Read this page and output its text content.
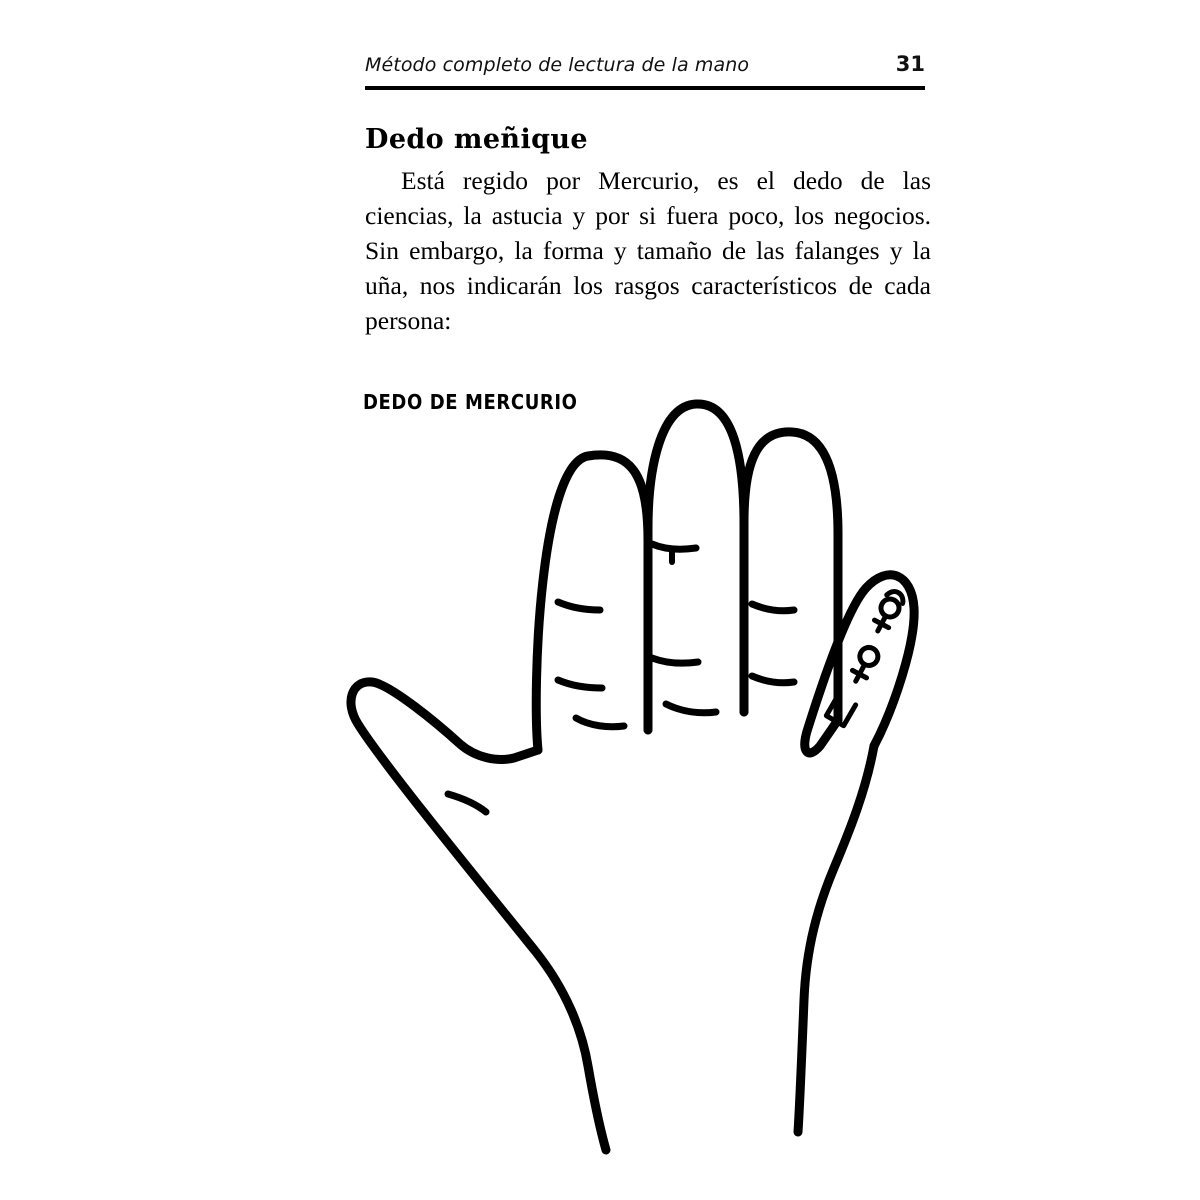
Método completo de lectura de la mano	31
Dedo meñique

Está regido por Mercurio, es el dedo de las ciencias, la astucia y por si fuera poco, los negocios. Sin embargo, la forma y tamaño de las falanges y la uña, nos indicarán los rasgos característicos de cada persona:

DEDO DE MERCURIO
